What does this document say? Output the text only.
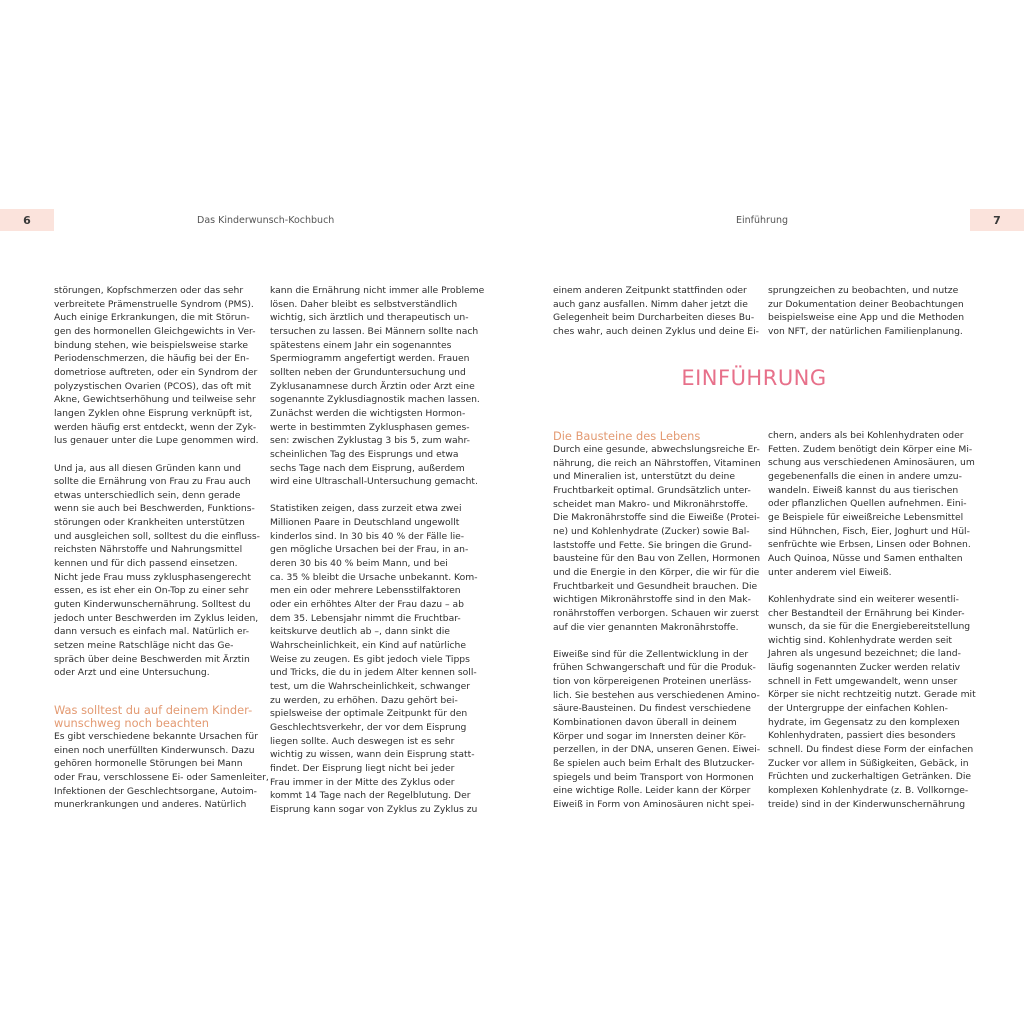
6	Das Kinderwunsch-Kochbuch	Einführung	7

störungen, Kopfschmerzen oder das sehr

verbreitete Prämenstruelle Syndrom (PMS).

Auch einige Erkrankungen, die mit Störun-

gen des hormonellen Gleichgewichts in Ver-

bindung stehen, wie beispielsweise starke

Periodenschmerzen, die häufig bei der En-

dometriose auftreten, oder ein Syndrom der

polyzystischen Ovarien (PCOS), das oft mit

Akne, Gewichtserhöhung und teilweise sehr

langen Zyklen ohne Eisprung verknüpft ist,

werden häufig erst entdeckt, wenn der Zyk-

lus genauer unter die Lupe genommen wird.

Und ja, aus all diesen Gründen kann und

sollte die Ernährung von Frau zu Frau auch

etwas unterschiedlich sein, denn gerade

wenn sie auch bei Beschwerden, Funktions-

störungen oder Krankheiten unterstützen

und ausgleichen soll, solltest du die einfluss-

reichsten Nährstoffe und Nahrungsmittel

kennen und für dich passend einsetzen.

Nicht jede Frau muss zyklusphasengerecht

essen, es ist eher ein On-Top zu einer sehr

guten Kinderwunschernährung. Solltest du

jedoch unter Beschwerden im Zyklus leiden,

dann versuch es einfach mal. Natürlich er-

setzen meine Ratschläge nicht das Ge-

spräch über deine Beschwerden mit Ärztin

oder Arzt und eine Untersuchung.

Was solltest du auf deinem Kinder-

wunschweg noch beachten

Es gibt verschiedene bekannte Ursachen für

einen noch unerfüllten Kinderwunsch. Dazu

gehören hormonelle Störungen bei Mann

oder Frau, verschlossene Ei- oder Samenleiter,

Infektionen der Geschlechtsorgane, Autoim-

munerkrankungen und anderes. Natürlich

kann die Ernährung nicht immer alle Probleme

lösen. Daher bleibt es selbstverständlich

wichtig, sich ärztlich und therapeutisch un-

tersuchen zu lassen. Bei Männern sollte nach

spätestens einem Jahr ein sogenanntes

Spermiogramm angefertigt werden. Frauen

sollten neben der Grunduntersuchung und

Zyklusanamnese durch Ärztin oder Arzt eine

sogenannte Zyklusdiagnostik machen lassen.

Zunächst werden die wichtigsten Hormon-

werte in bestimmten Zyklusphasen gemes-

sen: zwischen Zyklustag 3 bis 5, zum wahr-

scheinlichen Tag des Eisprungs und etwa

sechs Tage nach dem Eisprung, außerdem

wird eine Ultraschall-Untersuchung gemacht.

Statistiken zeigen, dass zurzeit etwa zwei

Millionen Paare in Deutschland ungewollt

kinderlos sind. In 30 bis 40 % der Fälle lie-

gen mögliche Ursachen bei der Frau, in an-

deren 30 bis 40 % beim Mann, und bei

ca. 35 % bleibt die Ursache unbekannt. Kom-

men ein oder mehrere Lebensstilfaktoren

oder ein erhöhtes Alter der Frau dazu – ab

dem 35. Lebensjahr nimmt die Fruchtbar-

keitskurve deutlich ab –, dann sinkt die

Wahrscheinlichkeit, ein Kind auf natürliche

Weise zu zeugen. Es gibt jedoch viele Tipps

und Tricks, die du in jedem Alter kennen soll-

test, um die Wahrscheinlichkeit, schwanger

zu werden, zu erhöhen. Dazu gehört bei-

spielsweise der optimale Zeitpunkt für den

Geschlechtsverkehr, der vor dem Eisprung

liegen sollte. Auch deswegen ist es sehr

wichtig zu wissen, wann dein Eisprung statt-

findet. Der Eisprung liegt nicht bei jeder

Frau immer in der Mitte des Zyklus oder

kommt 14 Tage nach der Regelblutung. Der

Eisprung kann sogar von Zyklus zu Zyklus zu

einem anderen Zeitpunkt stattfinden oder

auch ganz ausfallen. Nimm daher jetzt die

Gelegenheit beim Durcharbeiten dieses Bu-

ches wahr, auch deinen Zyklus und deine Ei-

sprungzeichen zu beobachten, und nutze

zur Dokumentation deiner Beobachtungen

beispielsweise eine App und die Methoden

von NFT, der natürlichen Familienplanung.

EINFÜHRUNG

Die Bausteine des Lebens

Durch eine gesunde, abwechslungsreiche Er-

nährung, die reich an Nährstoffen, Vitaminen

und Mineralien ist, unterstützt du deine

Fruchtbarkeit optimal. Grundsätzlich unter-

scheidet man Makro- und Mikronährstoffe.

Die Makronährstoffe sind die Eiweiße (Protei-

ne) und Kohlenhydrate (Zucker) sowie Bal-

laststoffe und Fette. Sie bringen die Grund-

bausteine für den Bau von Zellen, Hormonen

und die Energie in den Körper, die wir für die

Fruchtbarkeit und Gesundheit brauchen. Die

wichtigen Mikronährstoffe sind in den Mak-

ronährstoffen verborgen. Schauen wir zuerst

auf die vier genannten Makronährstoffe.

Eiweiße sind für die Zellentwicklung in der

frühen Schwangerschaft und für die Produk-

tion von körpereigenen Proteinen unerläss-

lich. Sie bestehen aus verschiedenen Amino-

säure-Bausteinen. Du findest verschiedene

Kombinationen davon überall in deinem

Körper und sogar im Innersten deiner Kör-

perzellen, in der DNA, unseren Genen. Eiwei-

ße spielen auch beim Erhalt des Blutzucker-

spiegels und beim Transport von Hormonen

eine wichtige Rolle. Leider kann der Körper

Eiweiß in Form von Aminosäuren nicht spei-

chern, anders als bei Kohlenhydraten oder

Fetten. Zudem benötigt dein Körper eine Mi-

schung aus verschiedenen Aminosäuren, um

gegebenenfalls die einen in andere umzu-

wandeln. Eiweiß kannst du aus tierischen

oder pflanzlichen Quellen aufnehmen. Eini-

ge Beispiele für eiweißreiche Lebensmittel

sind Hühnchen, Fisch, Eier, Joghurt und Hül-

senfrüchte wie Erbsen, Linsen oder Bohnen.

Auch Quinoa, Nüsse und Samen enthalten

unter anderem viel Eiweiß.

Kohlenhydrate sind ein weiterer wesentli-

cher Bestandteil der Ernährung bei Kinder-

wunsch, da sie für die Energiebereitstellung

wichtig sind. Kohlenhydrate werden seit

Jahren als ungesund bezeichnet; die land-

läufig sogenannten Zucker werden relativ

schnell in Fett umgewandelt, wenn unser

Körper sie nicht rechtzeitig nutzt. Gerade mit

der Untergruppe der einfachen Kohlen-

hydrate, im Gegensatz zu den komplexen

Kohlenhydraten, passiert dies besonders

schnell. Du findest diese Form der einfachen

Zucker vor allem in Süßigkeiten, Gebäck, in

Früchten und zuckerhaltigen Getränken. Die

komplexen Kohlenhydrate (z. B. Vollkornge-

treide) sind in der Kinderwunschernährung
